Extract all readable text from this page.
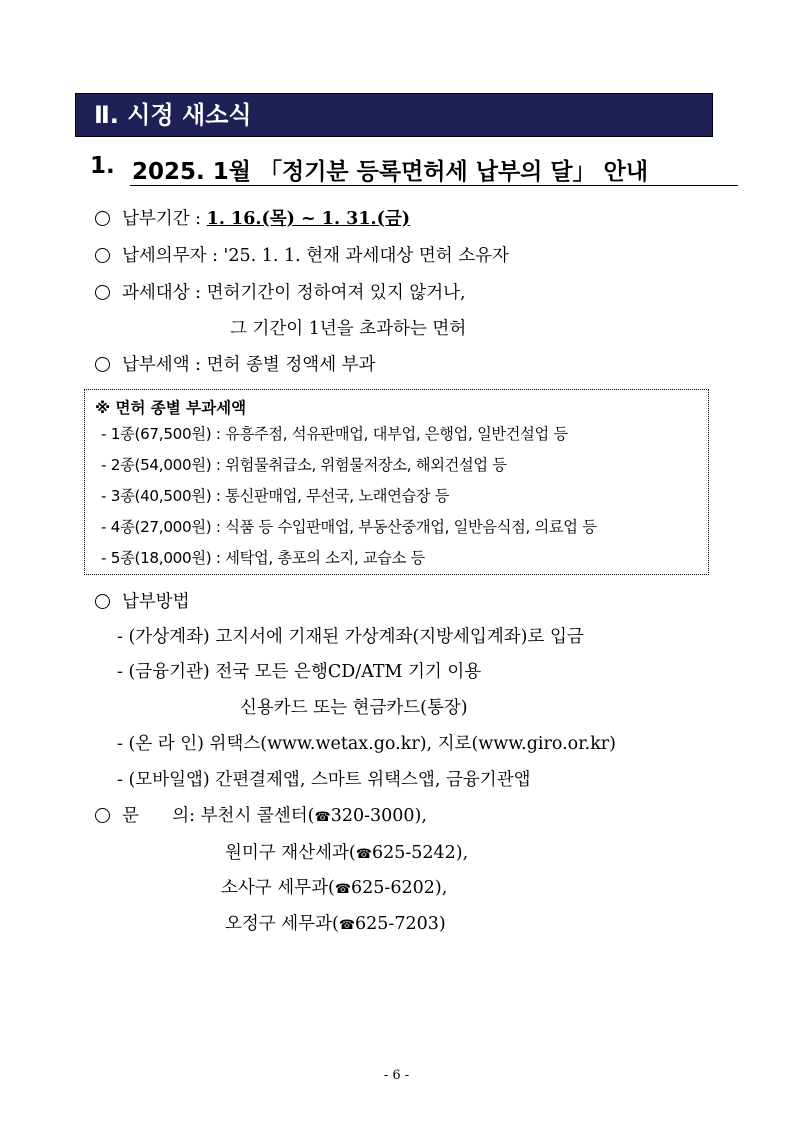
Ⅱ. 시정 새소식
1. 2025. 1월 「정기분 등록면허세 납부의 달」 안내
납부기간 : 1. 16.(목) ~ 1. 31.(금)
납세의무자 : '25. 1. 1. 현재 과세대상 면허 소유자
과세대상 : 면허기간이 정하여져 있지 않거나,
그 기간이 1년을 초과하는 면허
납부세액 : 면허 종별 정액세 부과
※ 면허 종별 부과세액
- 1종(67,500원) : 유흥주점, 석유판매업, 대부업, 은행업, 일반건설업 등
- 2종(54,000원) : 위험물취급소, 위험물저장소, 해외건설업 등
- 3종(40,500원) : 통신판매업, 무선국, 노래연습장 등
- 4종(27,000원) : 식품 등 수입판매업, 부동산중개업, 일반음식점, 의료업 등
- 5종(18,000원) : 세탁업, 총포의 소지, 교습소 등
납부방법
- (가상계좌) 고지서에 기재된 가상계좌(지방세입계좌)로 입금
- (금융기관) 전국 모든 은행CD/ATM 기기 이용
신용카드 또는 현금카드(통장)
- (온 라 인) 위택스(www.wetax.go.kr), 지로(www.giro.or.kr)
- (모바일앱) 간편결제앱, 스마트 위택스앱, 금융기관앱
문      의: 부천시 콜센터(☎320-3000),
원미구 재산세과(☎625-5242),
소사구 세무과(☎625-6202),
오정구 세무과(☎625-7203)
- 6 -
